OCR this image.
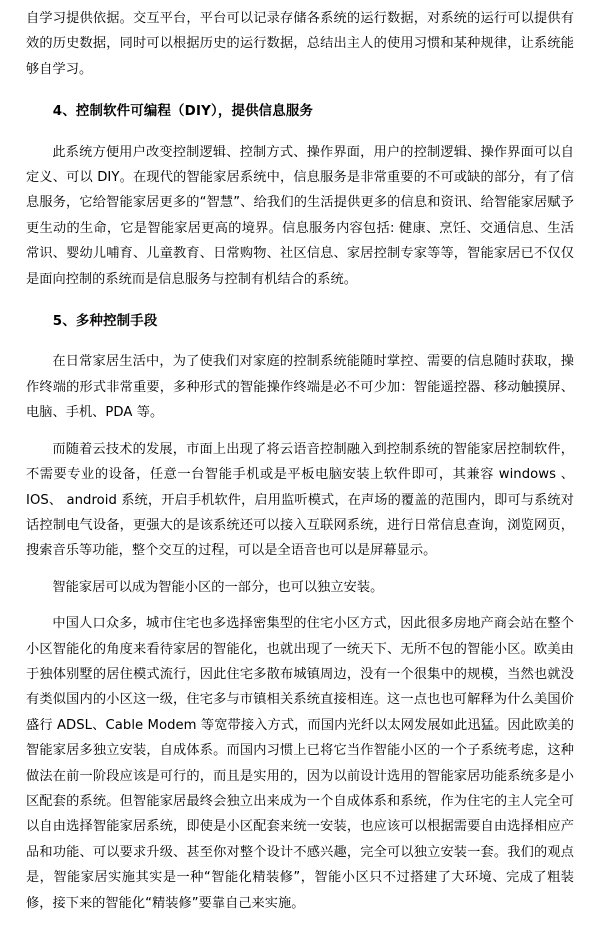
自学习提供依据。交互平台，平台可以记录存储各系统的运行数据，对系统的运行可以提供有效的历史数据，同时可以根据历史的运行数据，总结出主人的使用习惯和某种规律，让系统能够自学习。

4、控制软件可编程（DIY），提供信息服务

此系统方便用户改变控制逻辑、控制方式、操作界面，用户的控制逻辑、操作界面可以自定义、可以 DIY。在现代的智能家居系统中，信息服务是非常重要的不可或缺的部分，有了信息服务，它给智能家居更多的“智慧”、给我们的生活提供更多的信息和资讯、给智能家居赋予更生动的生命，它是智能家居更高的境界。信息服务内容包括: 健康、烹饪、交通信息、生活常识、婴幼儿哺育、儿童教育、日常购物、社区信息、家居控制专家等等，智能家居已不仅仅是面向控制的系统而是信息服务与控制有机结合的系统。

5、多种控制手段

在日常家居生活中，为了使我们对家庭的控制系统能随时掌控、需要的信息随时获取，操作终端的形式非常重要，多种形式的智能操作终端是必不可少加：智能遥控器、移动触摸屏、电脑、手机、PDA 等。

而随着云技术的发展，市面上出现了将云语音控制融入到控制系统的智能家居控制软件，不需要专业的设备，任意一台智能手机或是平板电脑安装上软件即可，其兼容 windows 、 IOS、 android 系统，开启手机软件，启用监听模式，在声场的覆盖的范围内，即可与系统对话控制电气设备，更强大的是该系统还可以接入互联网系统，进行日常信息查询，浏览网页，搜索音乐等功能，整个交互的过程，可以是全语音也可以是屏幕显示。

智能家居可以成为智能小区的一部分，也可以独立安装。

中国人口众多，城市住宅也多选择密集型的住宅小区方式，因此很多房地产商会站在整个小区智能化的角度来看待家居的智能化，也就出现了一统天下、无所不包的智能小区。欧美由于独体别墅的居住模式流行，因此住宅多散布城镇周边，没有一个很集中的规模，当然也就没有类似国内的小区这一级，住宅多与市镇相关系统直接相连。这一点也也可解释为什么美国价盛行 ADSL、Cable Modem 等宽带接入方式，而国内光纤以太网发展如此迅猛。因此欧美的智能家居多独立安装，自成体系。而国内习惯上已将它当作智能小区的一个子系统考虑，这种做法在前一阶段应该是可行的，而且是实用的，因为以前设计选用的智能家居功能系统多是小区配套的系统。但智能家居最终会独立出来成为一个自成体系和系统，作为住宅的主人完全可以自由选择智能家居系统，即使是小区配套来统一安装，也应该可以根据需要自由选择相应产品和功能、可以要求升级、甚至你对整个设计不感兴趣，完全可以独立安装一套。我们的观点是，智能家居实施其实是一种“智能化精装修”，智能小区只不过搭建了大环境、完成了粗装修，接下来的智能化“精装修”要靠自己来实施。
